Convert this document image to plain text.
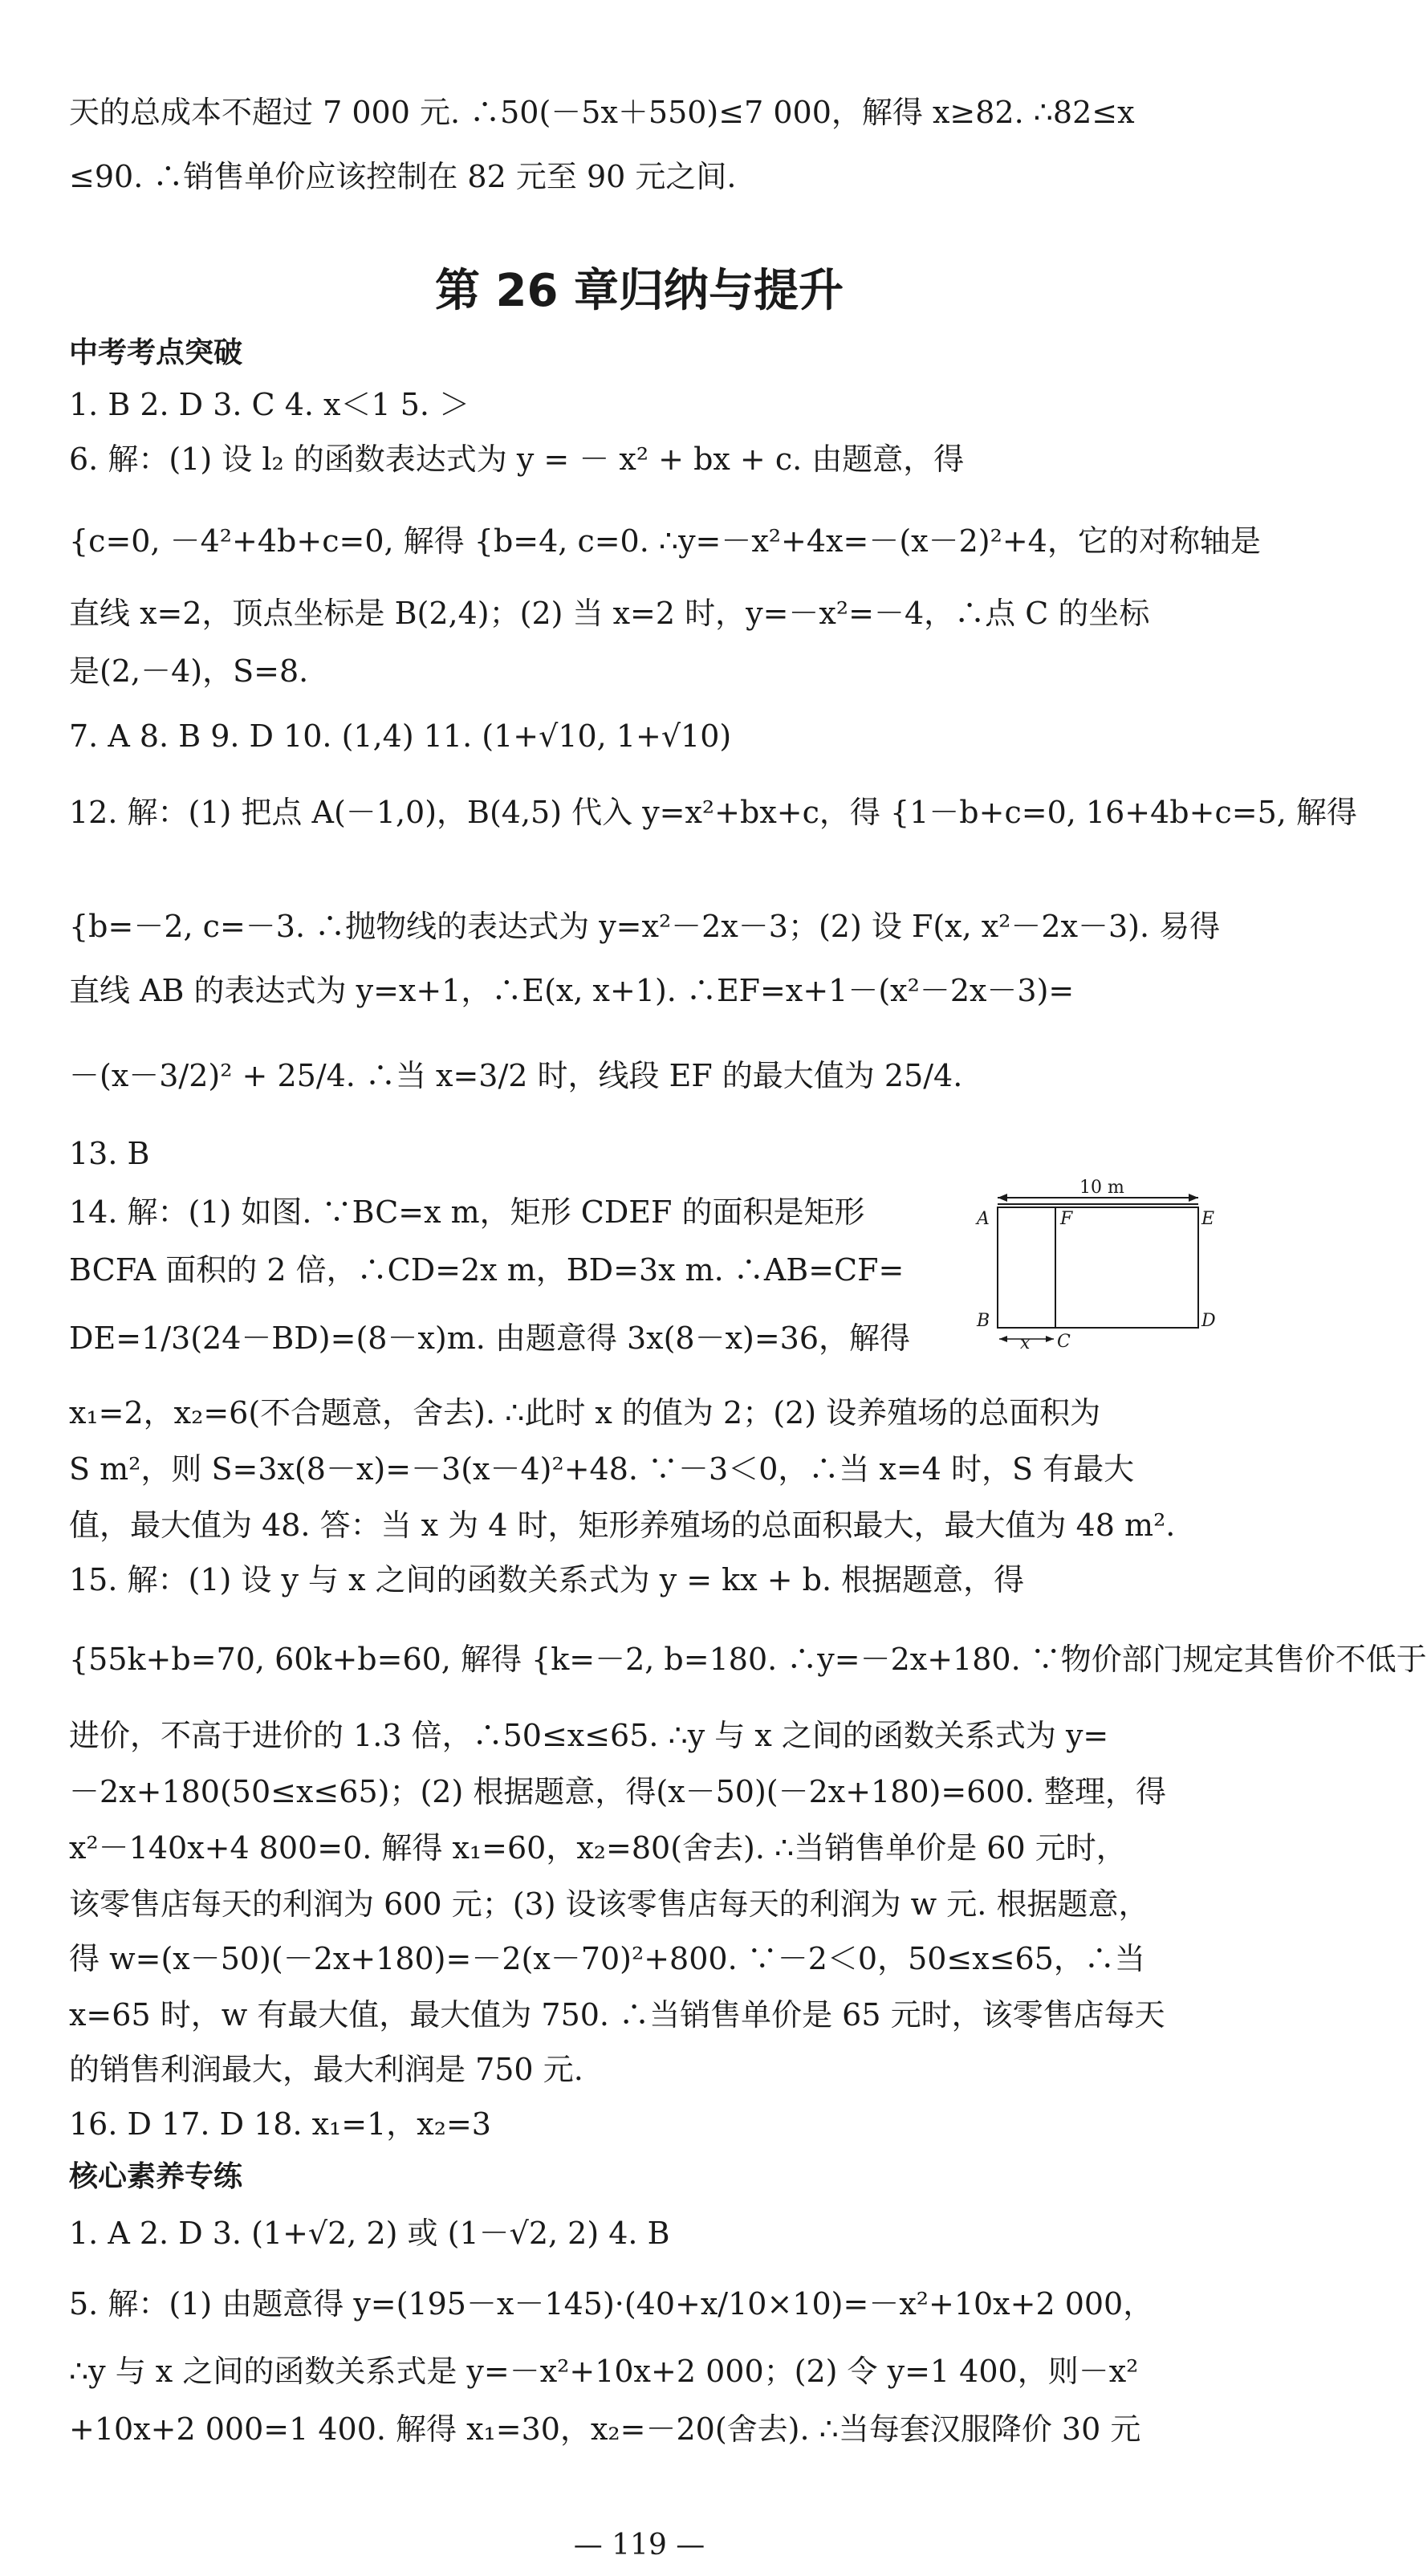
天的总成本不超过 7 000 元. ∴50(－5x＋550)≤7 000，解得 x≥82. ∴82≤x
≤90. ∴销售单价应该控制在 82 元至 90 元之间.
第 26 章归纳与提升
中考考点突破
1. B 2. D 3. C 4. x＜1 5. ＞
6. 解：(1) 设 l₂ 的函数表达式为 y = － x² + bx + c. 由题意，得
{c=0, －4²+4b+c=0, 解得 {b=4, c=0. ∴y=－x²+4x=－(x－2)²+4，它的对称轴是
直线 x=2，顶点坐标是 B(2,4)；(2) 当 x=2 时，y=－x²=－4，∴点 C 的坐标
是(2,－4)，S=8.
7. A 8. B 9. D 10. (1,4) 11. (1+√10, 1+√10)
12. 解：(1) 把点 A(－1,0)，B(4,5) 代入 y=x²+bx+c，得 {1－b+c=0, 16+4b+c=5, 解得
{b=－2, c=－3. ∴抛物线的表达式为 y=x²－2x－3；(2) 设 F(x, x²－2x－3). 易得
直线 AB 的表达式为 y=x+1，∴E(x, x+1). ∴EF=x+1－(x²－2x－3)=
－(x－3/2)² + 25/4. ∴当 x=3/2 时，线段 EF 的最大值为 25/4.
13. B
14. 解：(1) 如图. ∵BC=x m，矩形 CDEF 的面积是矩形
BCFA 面积的 2 倍，∴CD=2x m，BD=3x m. ∴AB=CF=
DE=1/3(24－BD)=(8－x)m. 由题意得 3x(8－x)=36，解得
10 m
A	F	E
B
C
D
x
x₁=2，x₂=6(不合题意，舍去). ∴此时 x 的值为 2；(2) 设养殖场的总面积为
S m²，则 S=3x(8－x)=－3(x－4)²+48. ∵－3＜0，∴当 x=4 时，S 有最大
值，最大值为 48. 答：当 x 为 4 时，矩形养殖场的总面积最大，最大值为 48 m².
15. 解：(1) 设 y 与 x 之间的函数关系式为 y = kx + b. 根据题意，得
{55k+b=70, 60k+b=60, 解得 {k=－2, b=180. ∴y=－2x+180. ∵物价部门规定其售价不低于
进价，不高于进价的 1.3 倍，∴50≤x≤65. ∴y 与 x 之间的函数关系式为 y=
－2x+180(50≤x≤65)；(2) 根据题意，得(x－50)(－2x+180)=600. 整理，得
x²－140x+4 800=0. 解得 x₁=60，x₂=80(舍去). ∴当销售单价是 60 元时，
该零售店每天的利润为 600 元；(3) 设该零售店每天的利润为 w 元. 根据题意，
得 w=(x－50)(－2x+180)=－2(x－70)²+800. ∵－2＜0，50≤x≤65，∴当
x=65 时，w 有最大值，最大值为 750. ∴当销售单价是 65 元时，该零售店每天
的销售利润最大，最大利润是 750 元.
16. D 17. D 18. x₁=1，x₂=3
核心素养专练
1. A 2. D 3. (1+√2, 2) 或 (1－√2, 2) 4. B
5. 解：(1) 由题意得 y=(195－x－145)·(40+x/10×10)=－x²+10x+2 000，
∴y 与 x 之间的函数关系式是 y=－x²+10x+2 000；(2) 令 y=1 400，则－x²
+10x+2 000=1 400. 解得 x₁=30，x₂=－20(舍去). ∴当每套汉服降价 30 元
— 119 —
